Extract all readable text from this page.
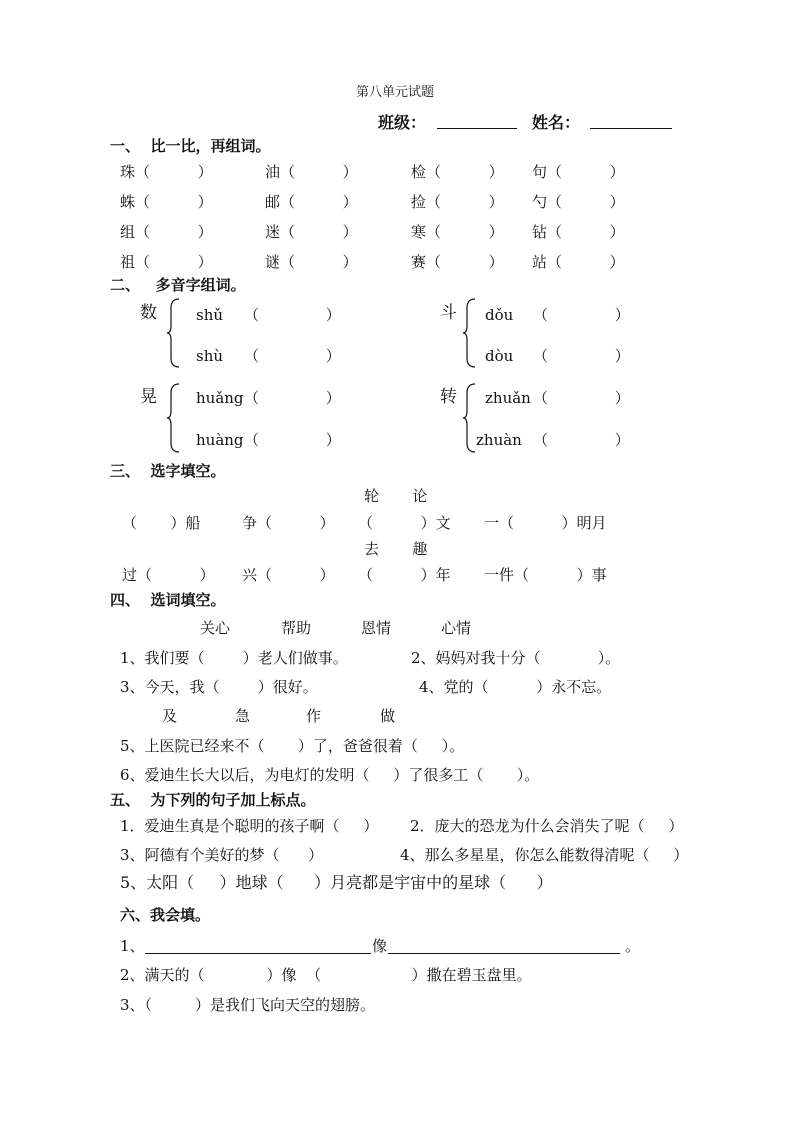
第八单元试题
班级：	姓名：
一、  比一比，再组词。
珠（          ）	油（          ）	检（          ） 句（          ）
蛛（          ）	邮（          ）	捡（          ） 勺（          ）
组（          ）	迷（          ）	寒（          ） 钻（          ）
祖（          ）	谜（          ）	赛（          ） 站（          ）
二、   多音字组词。
数	shǔ （              ）
shù （              ）
斗 dǒu （              ）
dòu （              ）
晃	huǎng （              ）
huàng （              ）
转 zhuǎn （              ）
zhuàn （              ）
三、  选字填空。
轮       论
（       ）船	争（          ） （          ）文 一（          ）明月
去       趣
过（          ） 兴（          ） （          ）年 一件（          ）事
四、  选词填空。
关心	帮助	恩情	心情
1、我们要（        ）老人们做事。	2、妈妈对我十分（            ）。
3、今天，我（        ）很好。	4、党的（          ）永不忘。
及	急	作	做
5、上医院已经来不（       ）了，爸爸很着（     ）。
6、爱迪生长大以后，为电灯的发明（     ）了很多工（       ）。
五、  为下列的句子加上标点。
1．爱迪生真是个聪明的孩子啊（     ） 2．庞大的恐龙为什么会消失了呢（     ）
3、阿德有个美好的梦（      ）	4、那么多星星，你怎么能数得清呢（     ）
5、太阳（     ）地球（      ）月亮都是宇宙中的星球（      ）
六、我会填。
1、	像	。
2、满天的（             ）像  （                   ）撒在碧玉盘里。
3、（         ）是我们飞向天空的翅膀。
